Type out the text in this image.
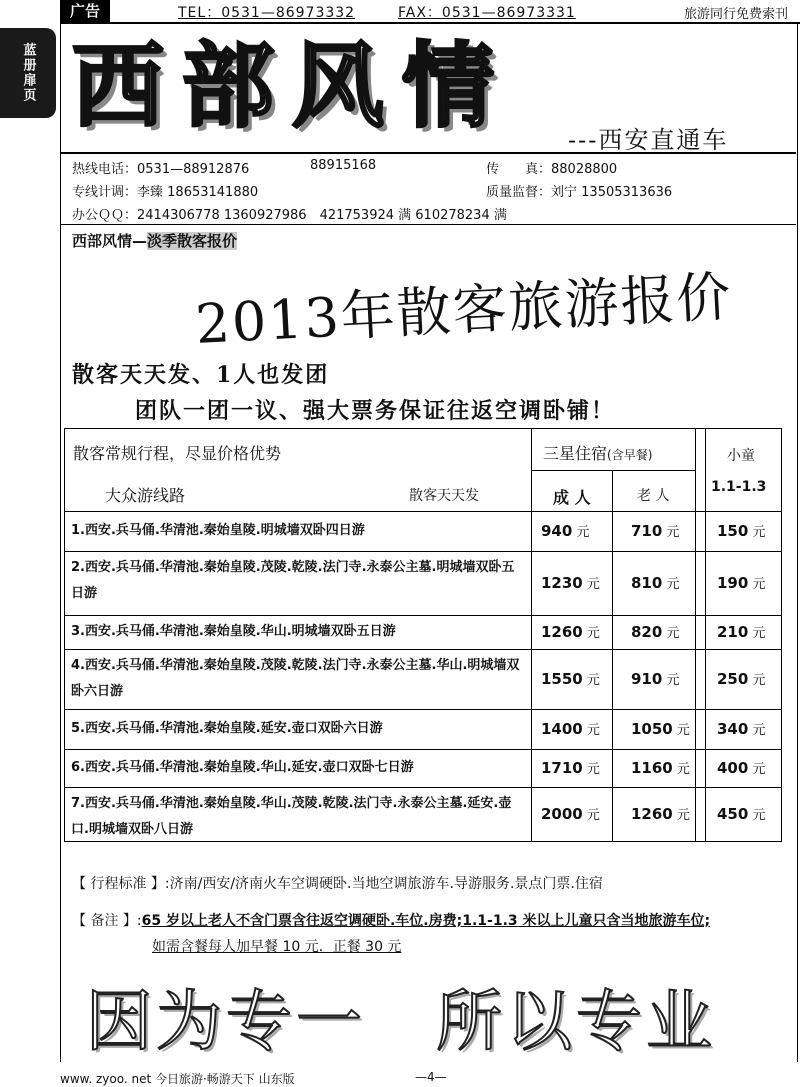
广告	TEL：0531—86973332	FAX：0531—86973331	旅游同行免费索刊
蓝册扉页 西部风情 ---西安直通车
热线电话：0531—88912876	88915168	传　　真：88028800
专线计调：李臻 18653141880	质量监督：刘宁 13505313636
办公ＱＱ：2414306778 1360927986　421753924 满 610278234 满
西部风情—淡季散客报价
2013年散客旅游报价
散客天天发、1人也发团
团队一团一议、强大票务保证往返空调卧铺！
散客常规行程，尽显价格优势
大众游线路	散客天天发
三星住宿(含早餐)
成 人	老 人
小童
1.1-1.3
1.西安.兵马俑.华清池.秦始皇陵.明城墙双卧四日游	940 元	710 元	150 元
2.西安.兵马俑.华清池.秦始皇陵.茂陵.乾陵.法门寺.永泰公主墓.明城墙双卧五日游
1230 元 810 元	190 元
3.西安.兵马俑.华清池.秦始皇陵.华山.明城墙双卧五日游	1260 元 820 元	210 元
4.西安.兵马俑.华清池.秦始皇陵.茂陵.乾陵.法门寺.永泰公主墓.华山.明城墙双卧六日游
1550 元 910 元	250 元
5.西安.兵马俑.华清池.秦始皇陵.延安.壶口双卧六日游	1400 元 1050 元 340 元
6.西安.兵马俑.华清池.秦始皇陵.华山.延安.壶口双卧七日游	1710 元 1160 元 400 元
7.西安.兵马俑.华清池.秦始皇陵.华山.茂陵.乾陵.法门寺.永泰公主墓.延安.壶口.明城墙双卧八日游
2000 元 1260 元 450 元
【 行程标准 】:济南/西安/济南火车空调硬卧.当地空调旅游车.导游服务.景点门票.住宿
【 备注 】:65 岁以上老人不含门票含往返空调硬卧.车位.房费;1.1-1.3 米以上儿童只含当地旅游车位;
如需含餐每人加早餐 10 元．正餐 30 元
因为专一　所以专业
www. zyoo. net 今日旅游·畅游天下 山东版	—4—
